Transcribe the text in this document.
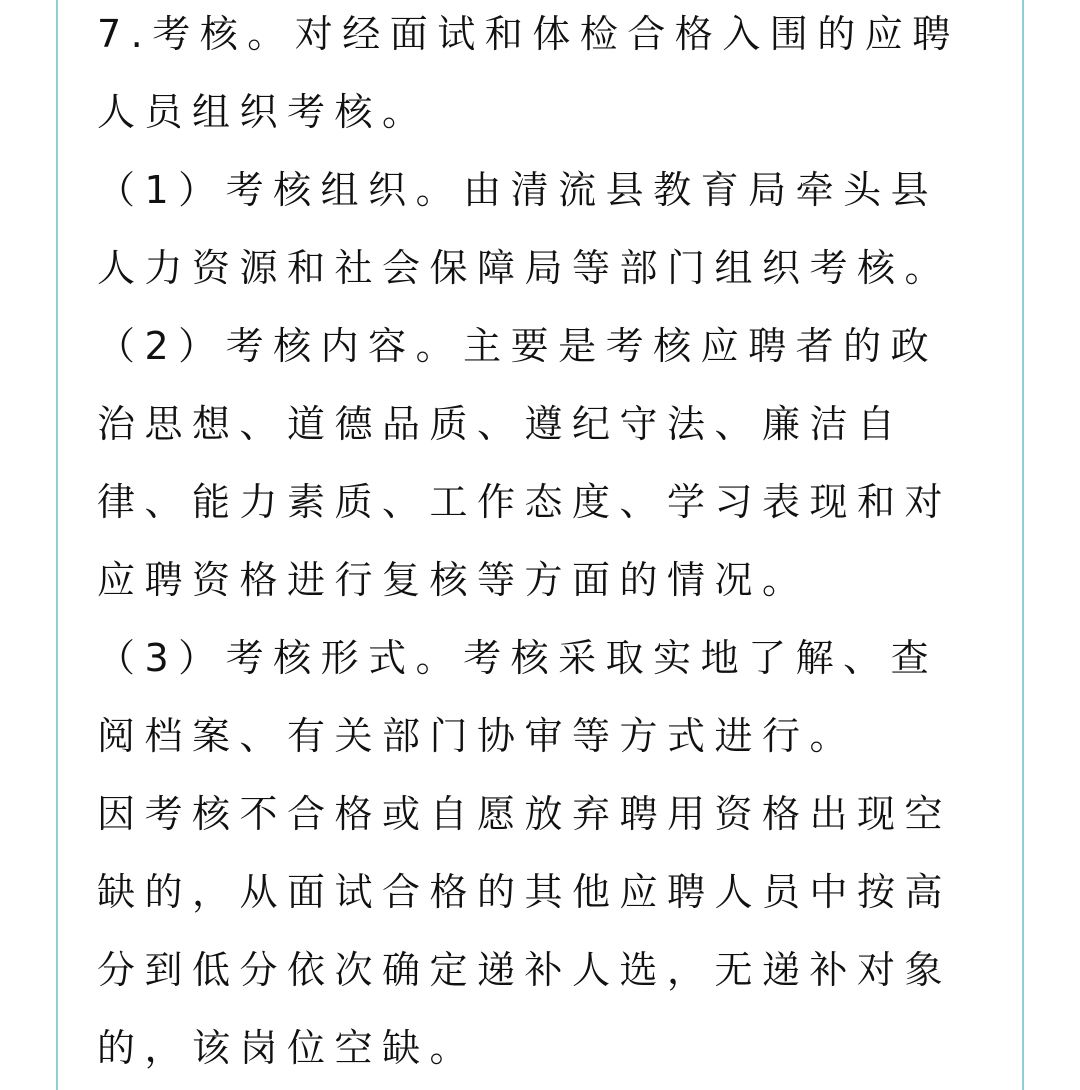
7.考核。对经面试和体检合格入围的应聘人员组织考核。

（1）考核组织。由清流县教育局牵头县人力资源和社会保障局等部门组织考核。

（2）考核内容。主要是考核应聘者的政治思想、道德品质、遵纪守法、廉洁自律、能力素质、工作态度、学习表现和对应聘资格进行复核等方面的情况。

（3）考核形式。考核采取实地了解、查阅档案、有关部门协审等方式进行。

因考核不合格或自愿放弃聘用资格出现空缺的，从面试合格的其他应聘人员中按高分到低分依次确定递补人选，无递补对象的，该岗位空缺。
